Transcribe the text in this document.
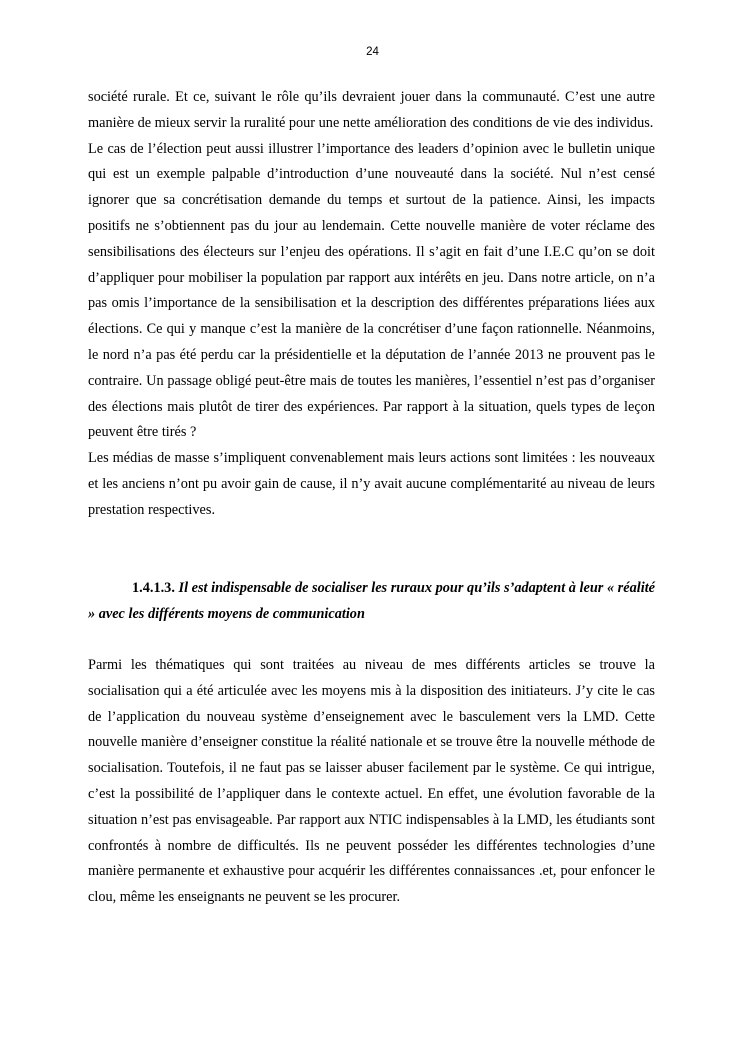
24

société rurale. Et ce, suivant le rôle qu’ils devraient jouer dans la communauté. C’est une autre manière de mieux servir la ruralité pour une nette amélioration des conditions de vie des individus.

Le cas de l’élection peut aussi illustrer l’importance des leaders d’opinion avec le bulletin unique qui est un exemple palpable d’introduction d’une nouveauté dans la société. Nul n’est censé ignorer que sa concrétisation demande du temps et surtout de la patience. Ainsi, les impacts positifs ne s’obtiennent pas du jour au lendemain. Cette nouvelle manière de voter réclame des sensibilisations des électeurs sur l’enjeu des opérations. Il s’agit en fait d’une I.E.C qu’on se doit d’appliquer pour mobiliser la population par rapport aux intérêts en jeu. Dans notre article, on n’a pas omis l’importance de la sensibilisation et la description des différentes préparations liées aux élections. Ce qui y manque c’est la manière de la concrétiser d’une façon rationnelle. Néanmoins, le nord n’a pas été perdu car la présidentielle et la députation de l’année 2013 ne prouvent pas le contraire. Un passage obligé peut-être mais de toutes les manières, l’essentiel n’est pas d’organiser des élections mais plutôt de tirer des expériences. Par rapport à la situation, quels types de leçon peuvent être tirés ?

Les médias de masse s’impliquent convenablement mais leurs actions sont limitées : les nouveaux et les anciens n’ont pu avoir gain de cause, il n’y avait aucune complémentarité au niveau de leurs prestation respectives.

1.4.1.3. Il est indispensable de socialiser les ruraux pour qu’ils s’adaptent à leur « réalité » avec les différents moyens de communication

Parmi les thématiques qui sont traitées au niveau de mes différents articles se trouve la socialisation qui a été articulée avec les moyens mis à la disposition des initiateurs. J’y cite le cas de l’application du nouveau système d’enseignement avec le basculement vers la LMD. Cette nouvelle manière d’enseigner constitue la réalité nationale et se trouve être la nouvelle méthode de socialisation. Toutefois, il ne faut pas se laisser abuser facilement par le système. Ce qui intrigue, c’est la possibilité de l’appliquer dans le contexte actuel. En effet, une évolution favorable de la situation n’est pas envisageable. Par rapport aux NTIC indispensables à la LMD, les étudiants sont confrontés à nombre de difficultés. Ils ne peuvent posséder les différentes technologies d’une manière permanente et exhaustive pour acquérir les différentes connaissances .et, pour enfoncer le clou, même les enseignants ne peuvent se les procurer.
